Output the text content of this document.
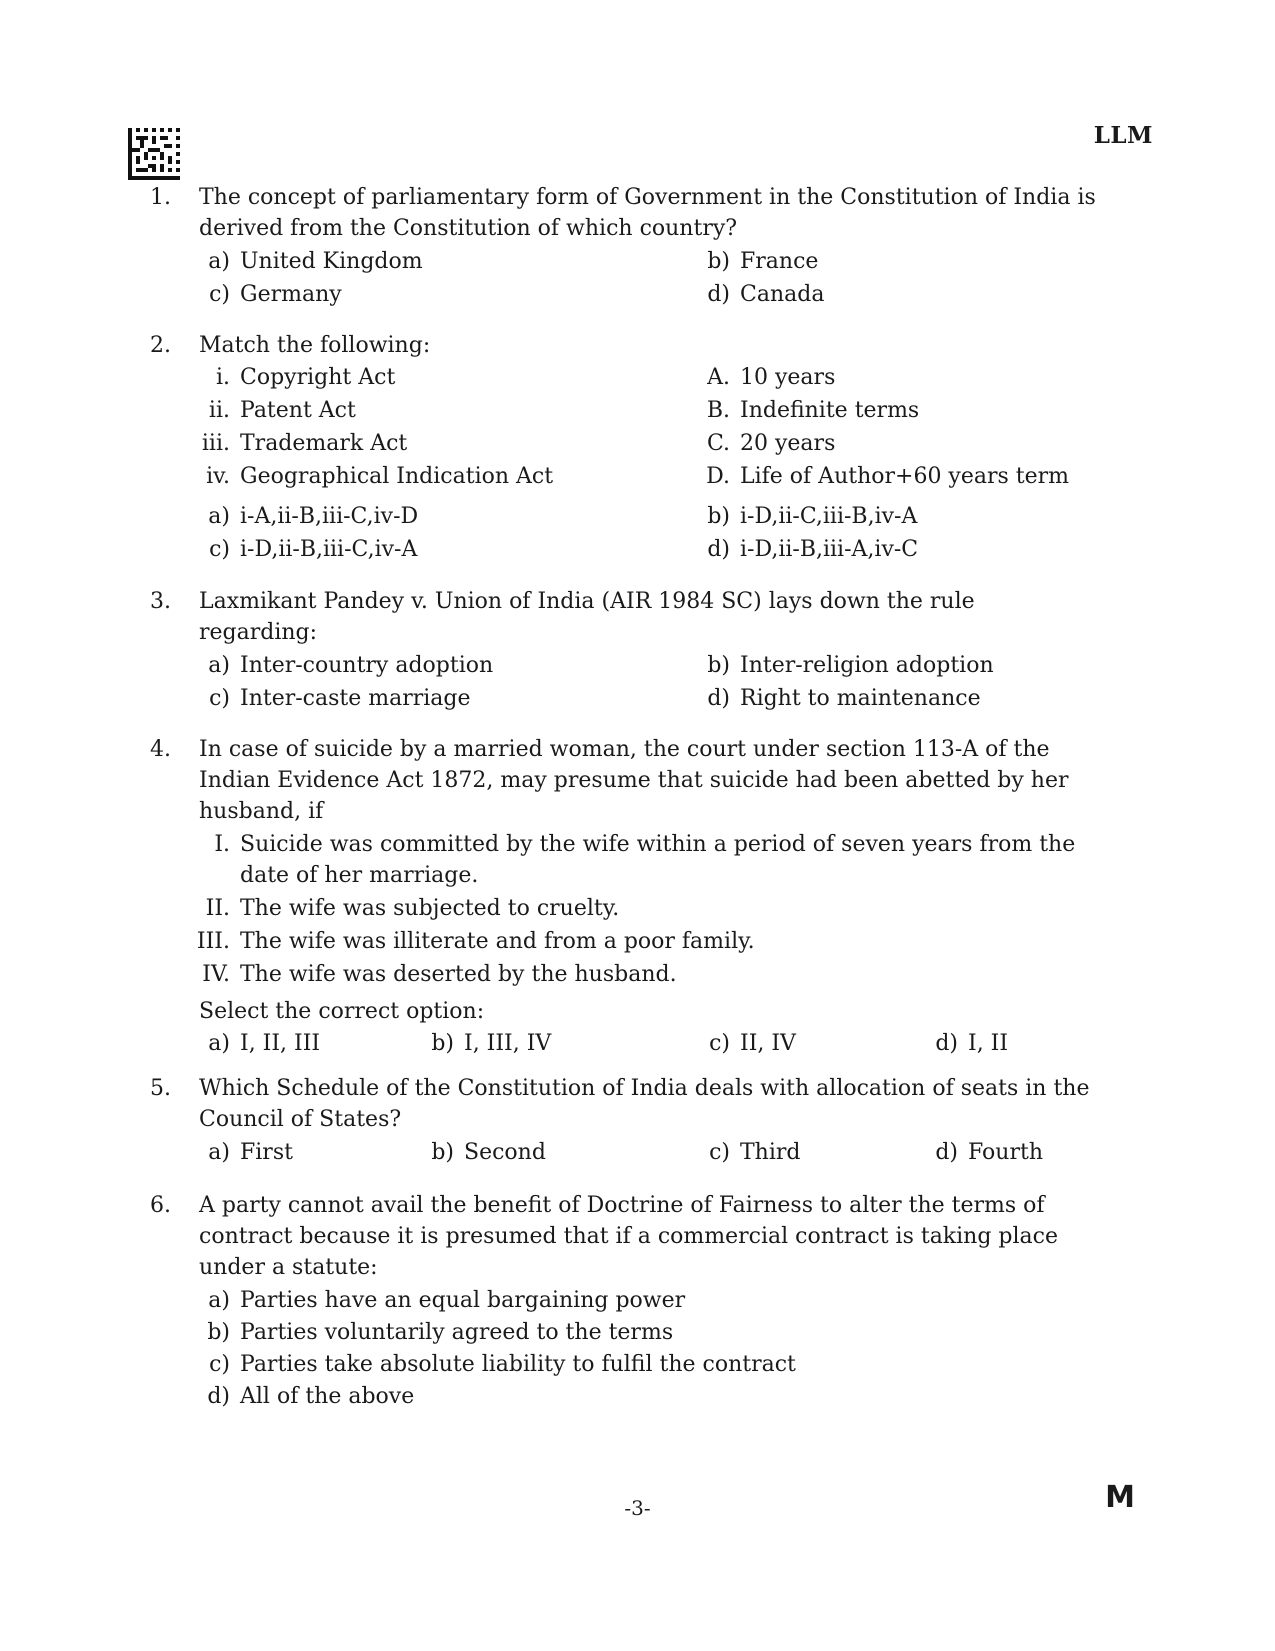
LLM
1. The concept of parliamentary form of Government in the Constitution of India is derived from the Constitution of which country?
a) United Kingdom	b) France
c) Germany	d) Canada
2. Match the following:
i. Copyright Act	A. 10 years
ii. Patent Act	B. Indefinite terms
iii. Trademark Act	C. 20 years
iv. Geographical Indication Act	D. Life of Author+60 years term
a) i-A,ii-B,iii-C,iv-D	b) i-D,ii-C,iii-B,iv-A
c) i-D,ii-B,iii-C,iv-A	d) i-D,ii-B,iii-A,iv-C
3. Laxmikant Pandey v. Union of India (AIR 1984 SC) lays down the rule regarding:
a) Inter-country adoption	b) Inter-religion adoption
c) Inter-caste marriage	d) Right to maintenance
4. In case of suicide by a married woman, the court under section 113-A of the Indian Evidence Act 1872, may presume that suicide had been abetted by her husband, if
I. Suicide was committed by the wife within a period of seven years from the date of her marriage.
II. The wife was subjected to cruelty.
III. The wife was illiterate and from a poor family.
IV. The wife was deserted by the husband.
Select the correct option:
a) I, II, III	b) I, III, IV	c) II, IV	d) I, II
5. Which Schedule of the Constitution of India deals with allocation of seats in the Council of States?
a) First	b) Second	c) Third	d) Fourth
6. A party cannot avail the benefit of Doctrine of Fairness to alter the terms of contract because it is presumed that if a commercial contract is taking place under a statute:
a) Parties have an equal bargaining power
b) Parties voluntarily agreed to the terms
c) Parties take absolute liability to fulfil the contract
d) All of the above
-3-	M
